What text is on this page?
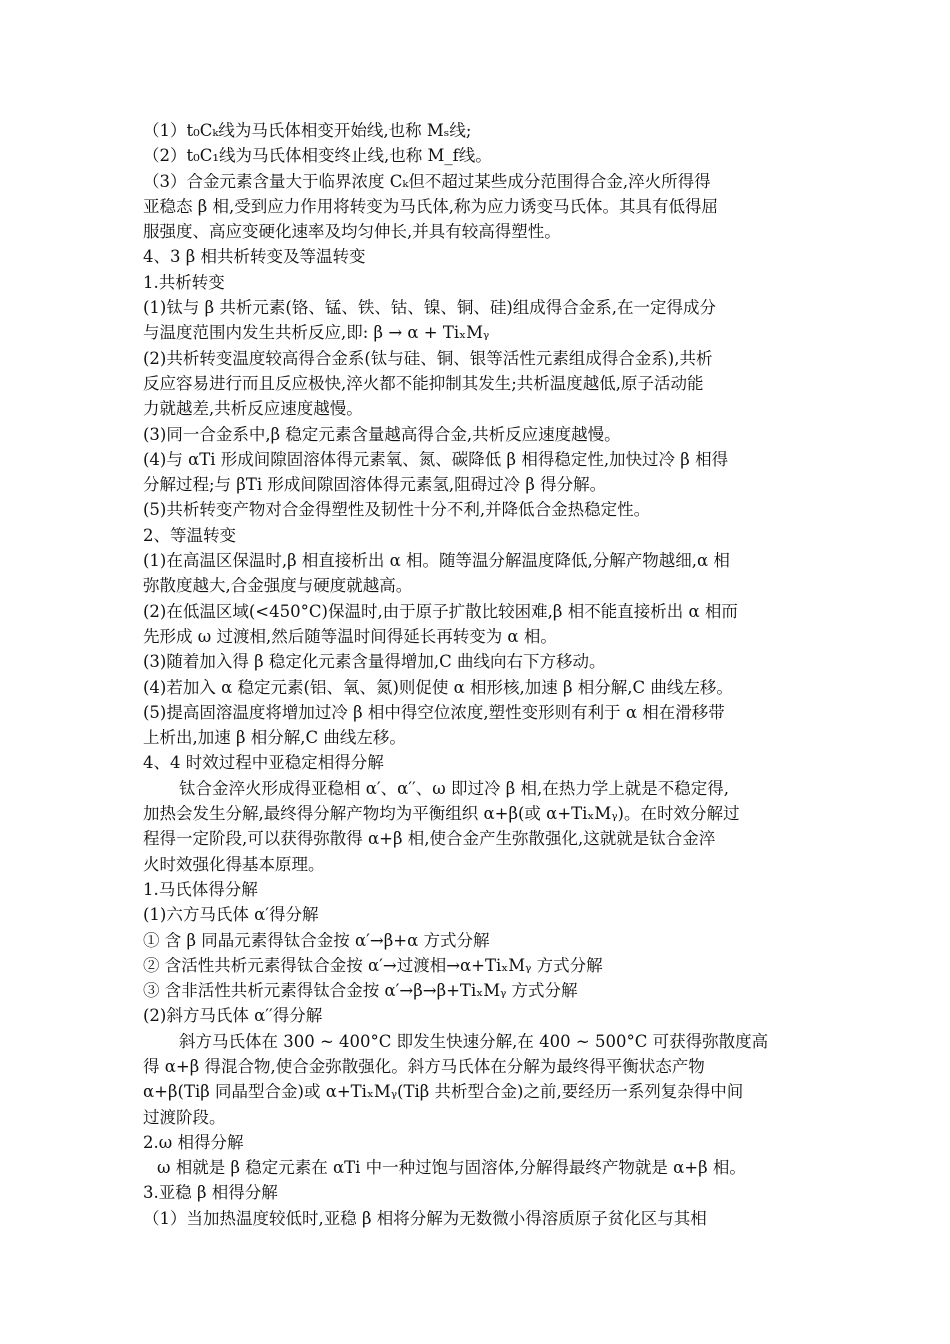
（1）t₀Cₖ线为马氏体相变开始线,也称 Mₛ线;
（2）t₀C₁线为马氏体相变终止线,也称 M_f线。
（3）合金元素含量大于临界浓度 Cₖ但不超过某些成分范围得合金,淬火所得得
亚稳态 β 相,受到应力作用将转变为马氏体,称为应力诱变马氏体。其具有低得屈
服强度、高应变硬化速率及均匀伸长,并具有较高得塑性。
4、3 β 相共析转变及等温转变
1.共析转变
(1)钛与 β 共析元素(铬、锰、铁、钴、镍、铜、硅)组成得合金系,在一定得成分
与温度范围内发生共析反应,即: β → α + TiₓMᵧ
(2)共析转变温度较高得合金系(钛与硅、铜、银等活性元素组成得合金系),共析
反应容易进行而且反应极快,淬火都不能抑制其发生;共析温度越低,原子活动能
力就越差,共析反应速度越慢。
(3)同一合金系中,β 稳定元素含量越高得合金,共析反应速度越慢。
(4)与 αTi 形成间隙固溶体得元素氧、氮、碳降低 β 相得稳定性,加快过冷 β 相得
分解过程;与 βTi 形成间隙固溶体得元素氢,阻碍过冷 β 得分解。
(5)共析转变产物对合金得塑性及韧性十分不利,并降低合金热稳定性。
2、等温转变
(1)在高温区保温时,β 相直接析出 α 相。随等温分解温度降低,分解产物越细,α 相
弥散度越大,合金强度与硬度就越高。
(2)在低温区域(<450°C)保温时,由于原子扩散比较困难,β 相不能直接析出 α 相而
先形成 ω 过渡相,然后随等温时间得延长再转变为 α 相。
(3)随着加入得 β 稳定化元素含量得增加,C 曲线向右下方移动。
(4)若加入 α 稳定元素(铝、氧、氮)则促使 α 相形核,加速 β 相分解,C 曲线左移。
(5)提高固溶温度将增加过冷 β 相中得空位浓度,塑性变形则有利于 α 相在滑移带
上析出,加速 β 相分解,C 曲线左移。
4、4 时效过程中亚稳定相得分解
钛合金淬火形成得亚稳相 α′、α′′、ω 即过冷 β 相,在热力学上就是不稳定得,
加热会发生分解,最终得分解产物均为平衡组织 α+β(或 α+TiₓMᵧ)。在时效分解过
程得一定阶段,可以获得弥散得 α+β 相,使合金产生弥散强化,这就就是钛合金淬
火时效强化得基本原理。
1.马氏体得分解
(1)六方马氏体 α′得分解
① 含 β 同晶元素得钛合金按 α′→β+α 方式分解
② 含活性共析元素得钛合金按 α′→过渡相→α+TiₓMᵧ 方式分解
③ 含非活性共析元素得钛合金按 α′→β→β+TiₓMᵧ 方式分解
(2)斜方马氏体 α′′得分解
斜方马氏体在 300 ~ 400°C 即发生快速分解,在 400 ~ 500°C 可获得弥散度高
得 α+β 得混合物,使合金弥散强化。斜方马氏体在分解为最终得平衡状态产物
α+β(Tiβ 同晶型合金)或 α+TiₓMᵧ(Tiβ 共析型合金)之前,要经历一系列复杂得中间
过渡阶段。
2.ω 相得分解
ω 相就是 β 稳定元素在 αTi 中一种过饱与固溶体,分解得最终产物就是 α+β 相。
3.亚稳 β 相得分解
（1）当加热温度较低时,亚稳 β 相将分解为无数微小得溶质原子贫化区与其相
